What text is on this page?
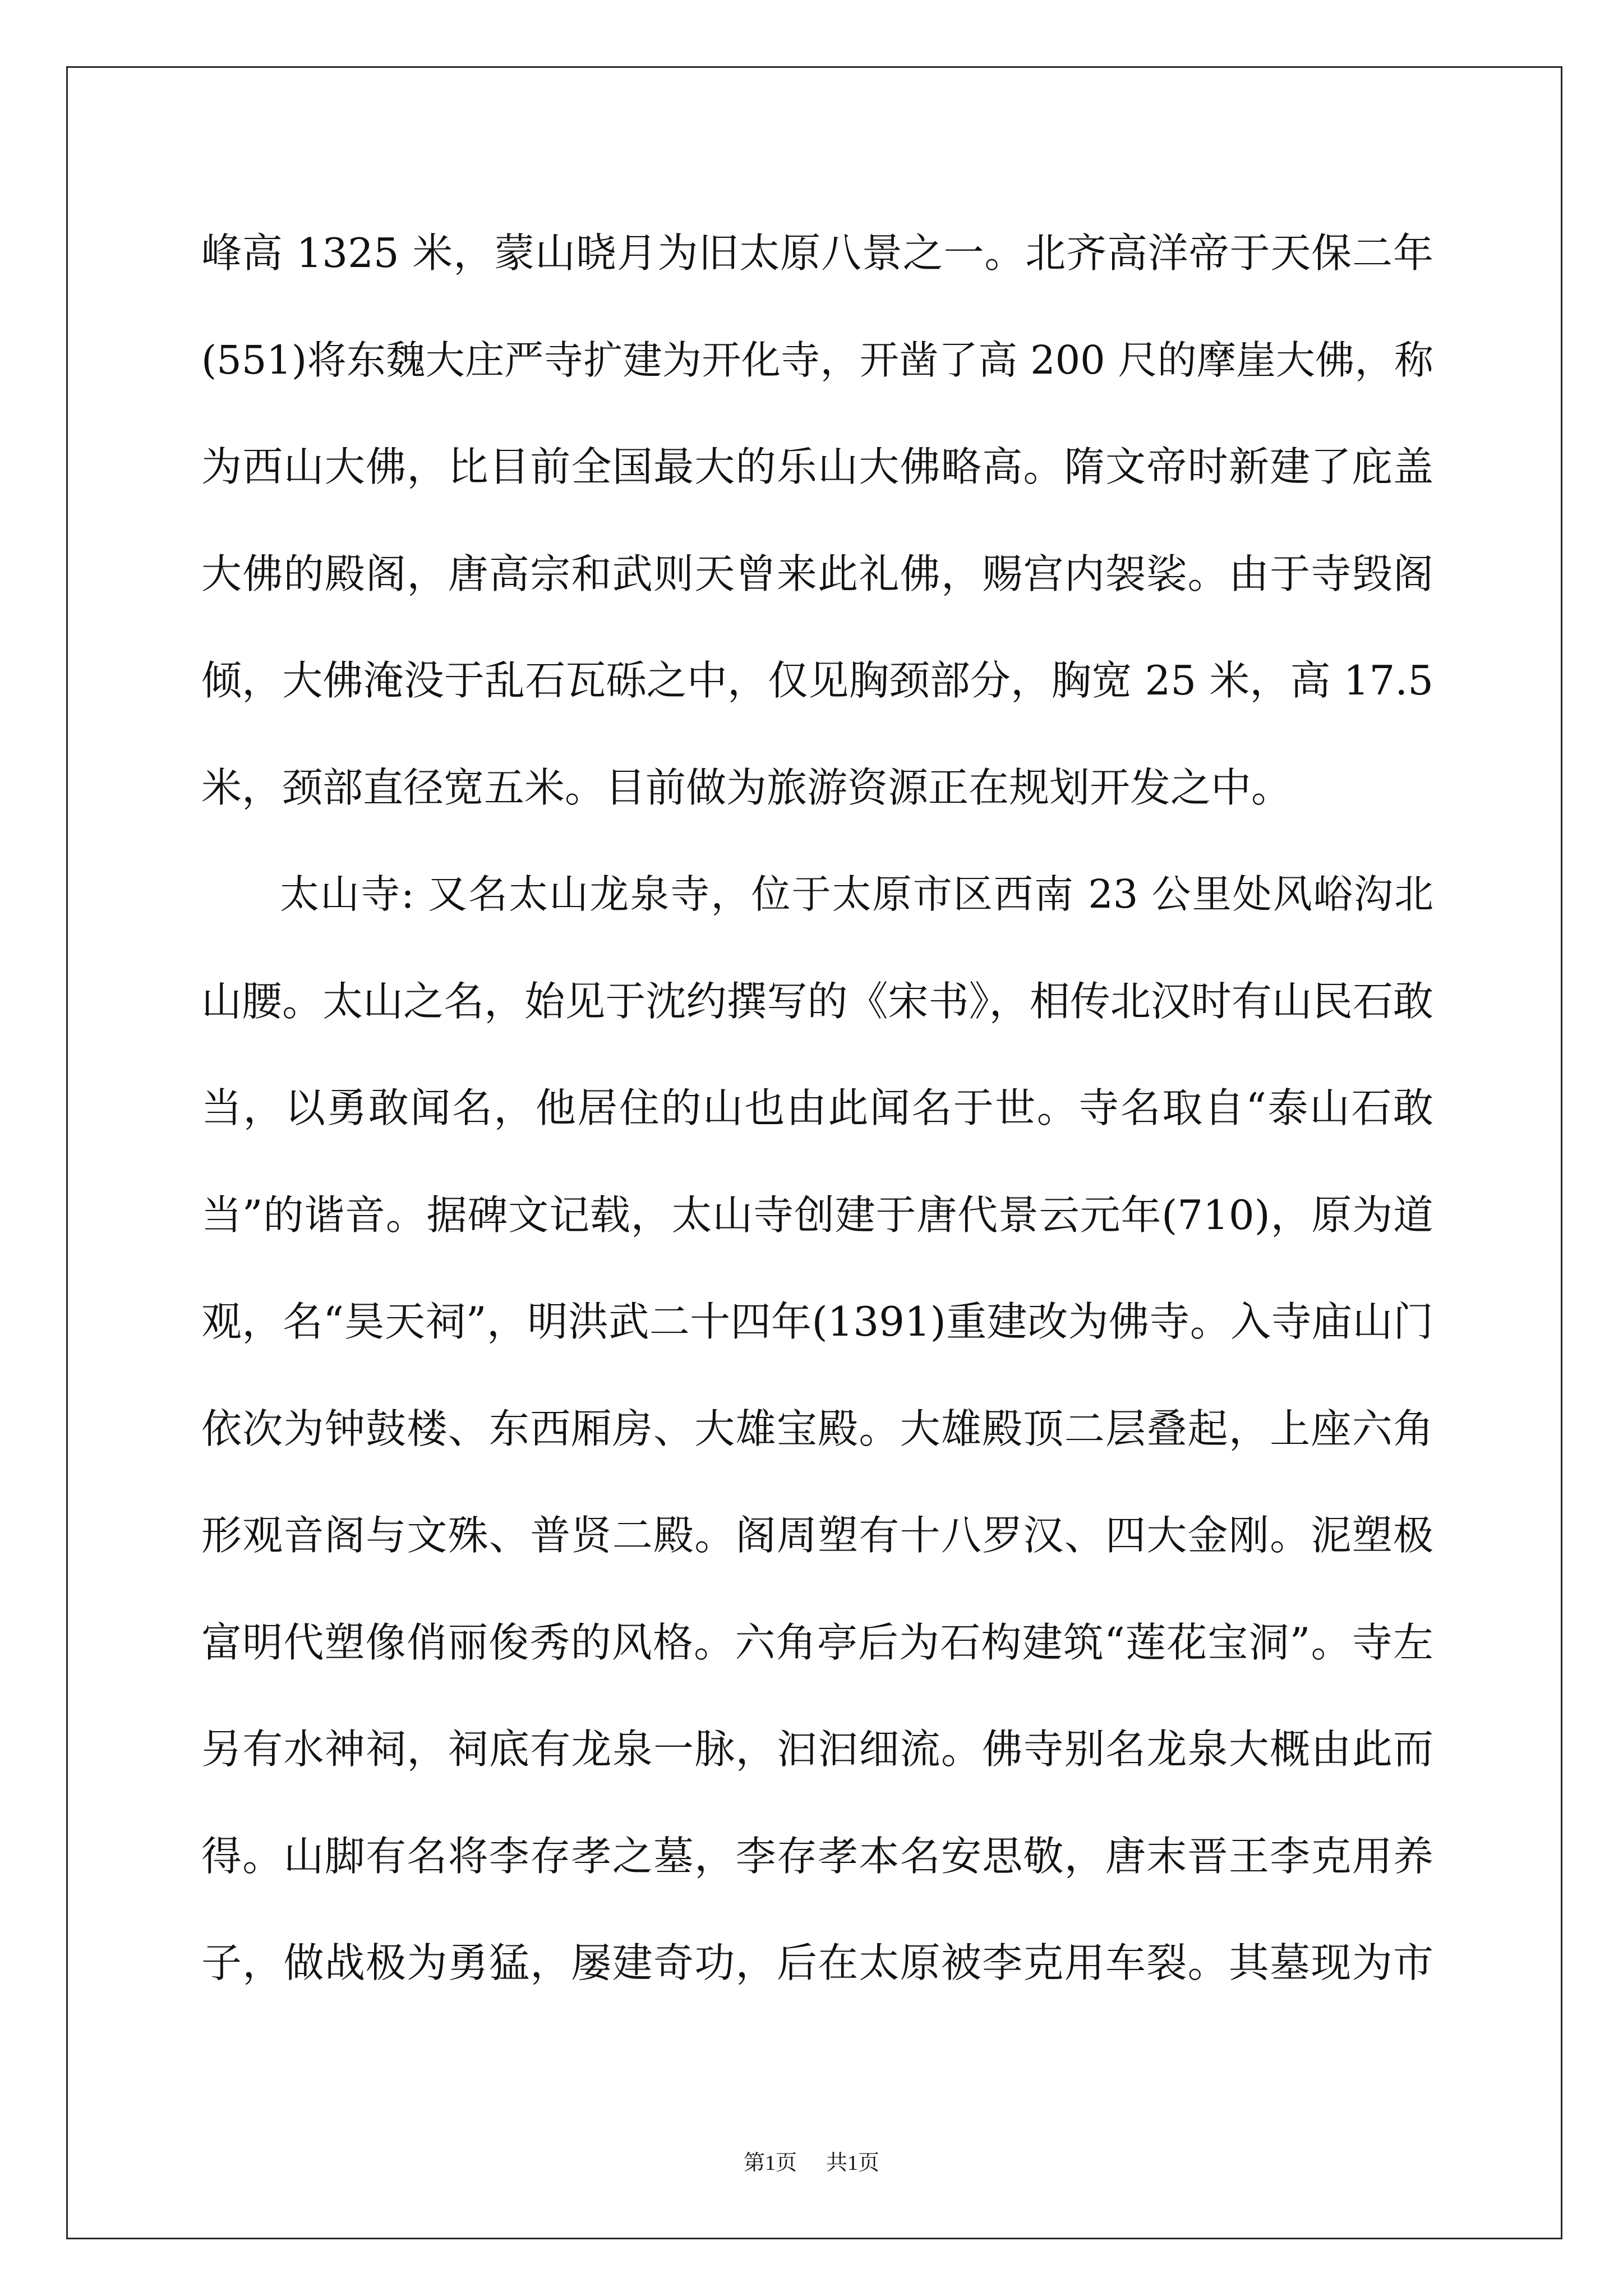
峰高 1325 米，蒙山晓月为旧太原八景之一。北齐高洋帝于天保二年
(551)将东魏大庄严寺扩建为开化寺，开凿了高 200 尺的摩崖大佛，称
为西山大佛，比目前全国最大的乐山大佛略高。隋文帝时新建了庇盖
大佛的殿阁，唐高宗和武则天曾来此礼佛，赐宫内袈裟。由于寺毁阁
倾，大佛淹没于乱石瓦砾之中，仅见胸颈部分，胸宽 25 米，高 17.5
米，颈部直径宽五米。目前做为旅游资源正在规划开发之中。
太山寺: 又名太山龙泉寺，位于太原市区西南 23 公里处风峪沟北
山腰。太山之名，始见于沈约撰写的《宋书》，相传北汉时有山民石敢
当，以勇敢闻名，他居住的山也由此闻名于世。寺名取自“泰山石敢
当”的谐音。据碑文记载，太山寺创建于唐代景云元年(710)，原为道
观，名“昊天祠”，明洪武二十四年(1391)重建改为佛寺。入寺庙山门
依次为钟鼓楼、东西厢房、大雄宝殿。大雄殿顶二层叠起，上座六角
形观音阁与文殊、普贤二殿。阁周塑有十八罗汉、四大金刚。泥塑极
富明代塑像俏丽俊秀的风格。六角亭后为石构建筑“莲花宝洞”。寺左
另有水神祠，祠底有龙泉一脉，汩汩细流。佛寺别名龙泉大概由此而
得。山脚有名将李存孝之墓，李存孝本名安思敬，唐末晋王李克用养
子，做战极为勇猛，屡建奇功，后在太原被李克用车裂。其墓现为市
第1页 共1页
